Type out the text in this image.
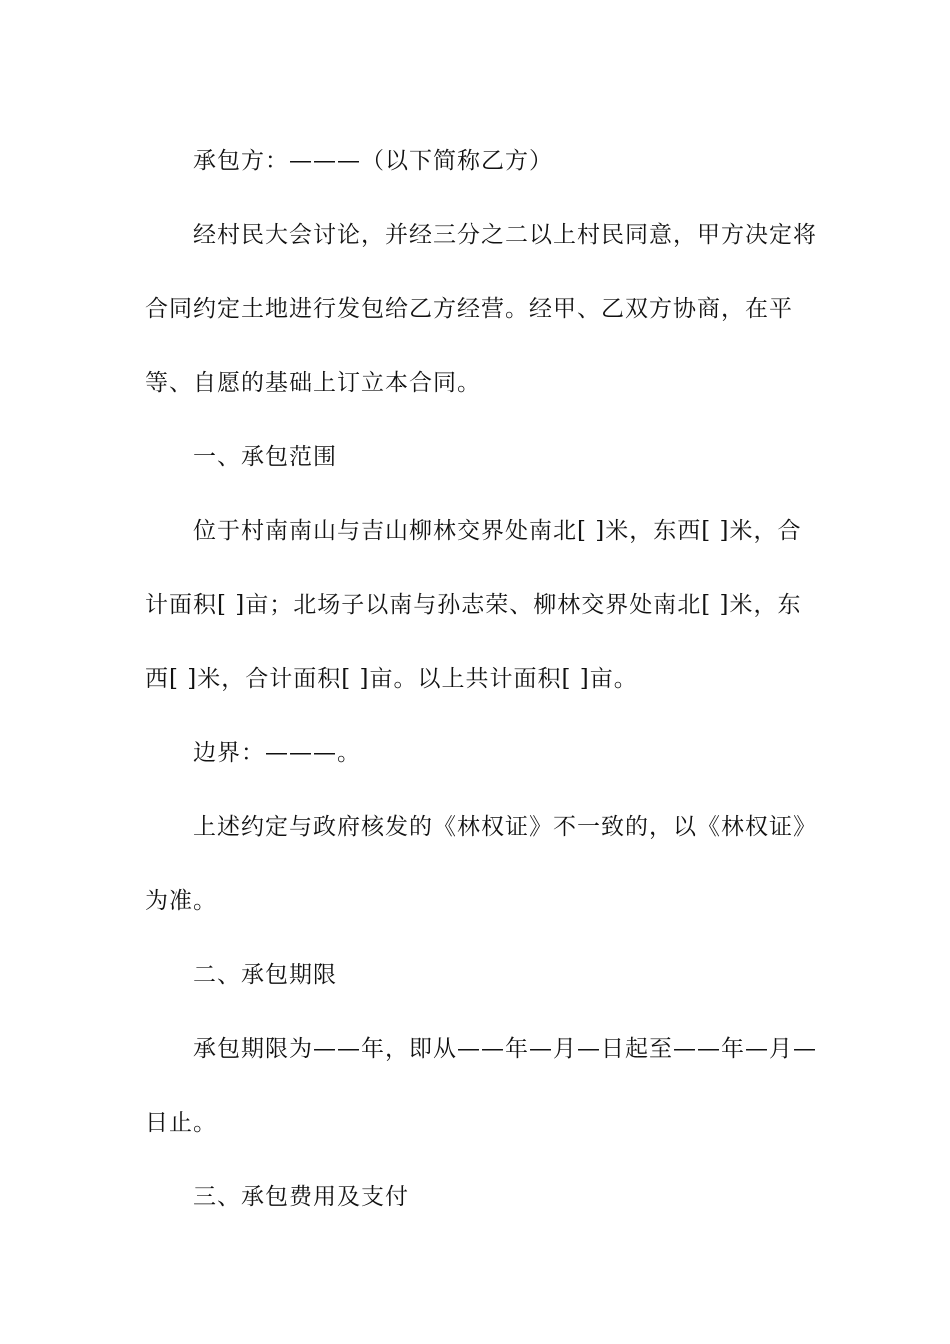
承包方：———（以下简称乙方）

经村民大会讨论，并经三分之二以上村民同意，甲方决定将合同约定土地进行发包给乙方经营。经甲、乙双方协商，在平等、自愿的基础上订立本合同。

一、承包范围

位于村南南山与吉山柳林交界处南北[ ]米，东西[ ]米，合计面积[ ]亩；北场子以南与孙志荣、柳林交界处南北[ ]米，东西[ ]米，合计面积[ ]亩。以上共计面积[ ]亩。

边界：———。

上述约定与政府核发的《林权证》不一致的，以《林权证》为准。

二、承包期限

承包期限为——年，即从——年—月—日起至——年—月—日止。

三、承包费用及支付
